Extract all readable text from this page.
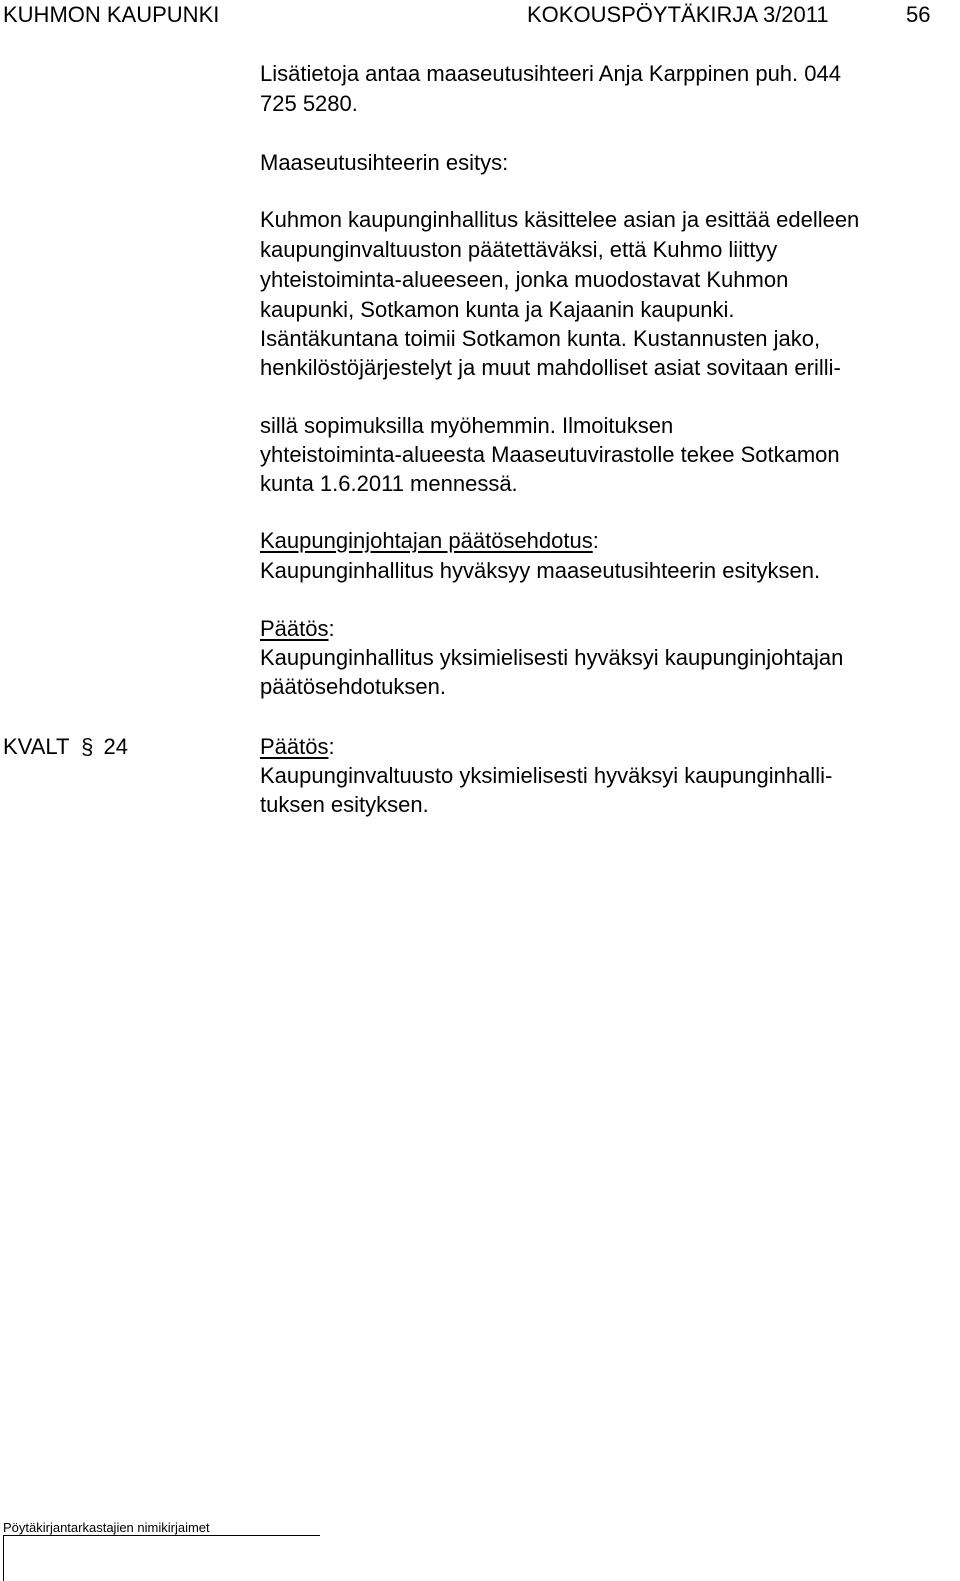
KUHMON KAUPUNKI	KOKOUSPÖYTÄKIRJA 3/2011	56
Lisätietoja antaa maaseutusihteeri Anja Karppinen puh. 044
725 5280.
Maaseutusihteerin esitys:
Kuhmon kaupunginhallitus käsittelee asian ja esittää edelleen
kaupunginvaltuuston päätettäväksi, että Kuhmo liittyy
yhteistoiminta-alueeseen, jonka muodostavat Kuhmon
kaupunki, Sotkamon kunta ja Kajaanin kaupunki.
Isäntäkuntana toimii Sotkamon kunta. Kustannusten jako,
henkilöstöjärjestelyt ja muut mahdolliset asiat sovitaan erilli-
sillä sopimuksilla myöhemmin. Ilmoituksen
yhteistoiminta-alueesta Maaseutuvirastolle tekee Sotkamon
kunta 1.6.2011 mennessä.
Kaupunginjohtajan päätösehdotus:
Kaupunginhallitus hyväksyy maaseutusihteerin esityksen.
Päätös:
Kaupunginhallitus yksimielisesti hyväksyi kaupunginjohtajan
päätösehdotuksen.
KVALT § 24	Päätös:
Kaupunginvaltuusto yksimielisesti hyväksyi kaupunginhalli-
tuksen esityksen.
Pöytäkirjantarkastajien nimikirjaimet
